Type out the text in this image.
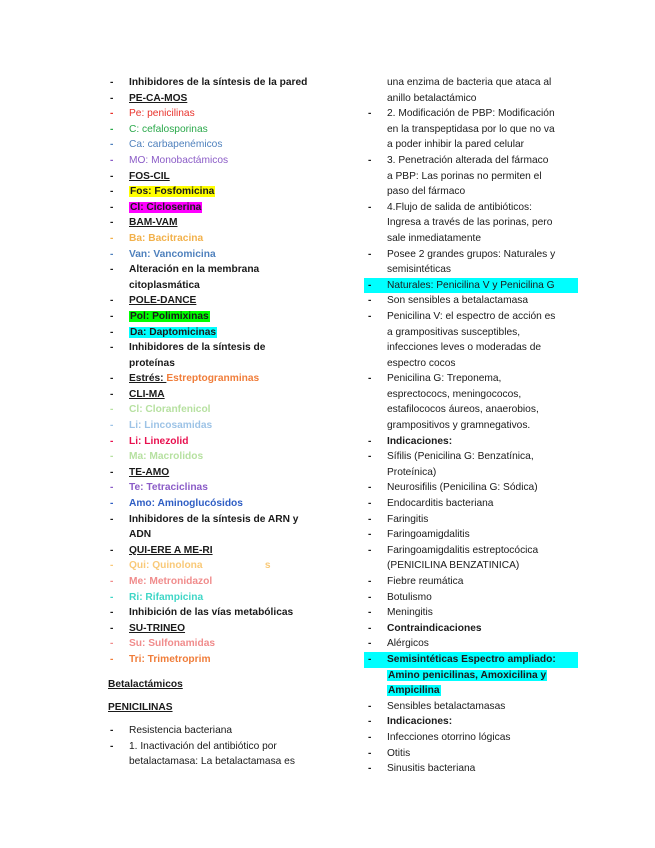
- Inhibidores de la síntesis de la pared
- PE-CA-MOS
- Pe: penicilinas
- C: cefalosporinas
- Ca: carbapenémicos
- MO: Monobactámicos
- FOS-CIL
- Fos: Fosfomicina
- Cl: Cicloserina
- BAM-VAM
- Ba: Bacitracina
- Van: Vancomicina
- Alteración en la membrana
citoplasmática
- POLE-DANCE
- Pol: Polimixinas
- Da: Daptomicinas
- Inhibidores de la síntesis de
proteínas
- Estrés: Estreptogranminas
- CLI-MA
- Cl: Cloranfenicol
- Li: Lincosamidas
- Li: Linezolid
- Ma: Macrolidos
- TE-AMO
- Te: Tetraciclinas
- Amo: Aminoglucósidos
- Inhibidores de la síntesis de ARN y
ADN
- QUI-ERE A ME-RI
- Qui: Quinolona                      s
- Me: Metronidazol
- Ri: Rifampicina
- Inhibición de las vías metabólicas
- SU-TRINEO
- Su: Sulfonamidas
- Tri: Trimetroprim
Betalactámicos
PENICILINAS
- Resistencia bacteriana
- 1. Inactivación del antibiótico por
betalactamasa: La betalactamasa es
una enzima de bacteria que ataca al
anillo betalactámico
- 2. Modificación de PBP: Modificación
en la transpeptidasa por lo que no va
a poder inhibir la pared celular
- 3. Penetración alterada del fármaco
a PBP: Las porinas no permiten el
paso del fármaco
- 4.Flujo de salida de antibióticos:
Ingresa a través de las porinas, pero
sale inmediatamente
- Posee 2 grandes grupos: Naturales y
semisintéticas
- Naturales: Penicilina V y Penicilina G
- Son sensibles a betalactamasa
- Penicilina V: el espectro de acción es
a grampositivas susceptibles,
infecciones leves o moderadas de
espectro cocos
- Penicilina G: Treponema,
esprectococs, meningococos,
estafilococos áureos, anaerobios,
grampositivos y gramnegativos.
- Indicaciones:
- Sífilis (Penicilina G: Benzatínica,
Proteínica)
- Neurosifilis (Penicilina G: Sódica)
- Endocarditis bacteriana
- Faringitis
- Faringoamigdalitis
- Faringoamigdalitis estreptocócica
(PENICILINA BENZATINICA)
- Fiebre reumática
- Botulismo
- Meningitis
- Contraindicaciones
- Alérgicos
- Semisintéticas Espectro ampliado:
Amino penicilinas, Amoxicilina y
Ampicilina
- Sensibles betalactamasas
- Indicaciones:
- Infecciones otorrino lógicas
- Otitis
- Sinusitis bacteriana
